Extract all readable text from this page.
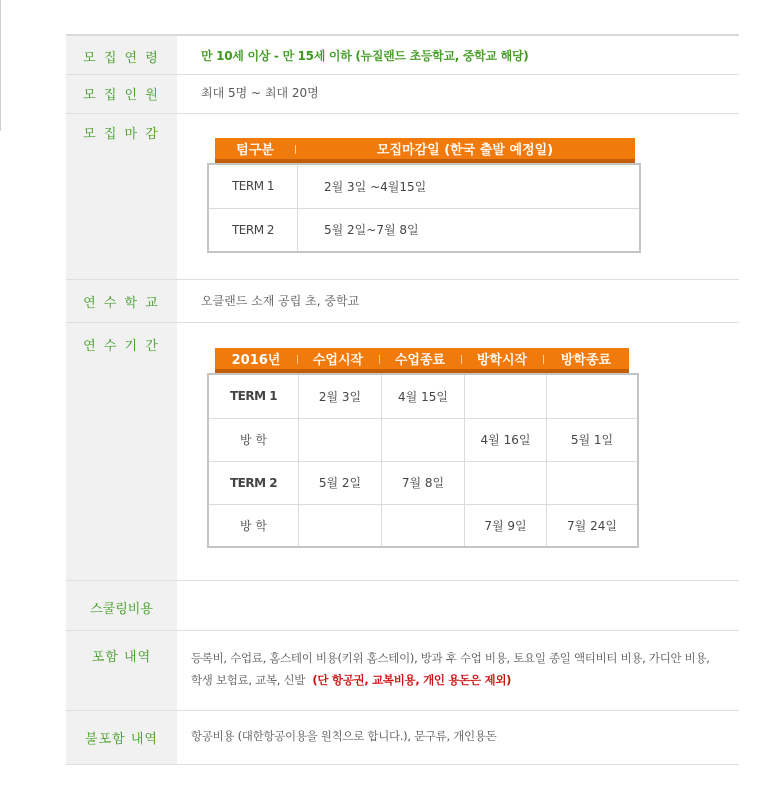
모 집 연 령	만 10세 이상 - 만 15세 이하 (뉴질랜드 초등학교, 중학교 해당)
모 집 인 원	최대 5명 ~ 최대 20명
모 집 마 감
텀구분	모집마감일 (한국 출발 예정일)
TERM 1	2월 3일 ~4월15일
TERM 2	5월 2일~7월 8일
연 수 학 교	오클랜드 소재 공립 초, 중학교
연 수 기 간
2016년	수업시작	수업종료	방학시작	방학종료
TERM 1	2월 3일	4월 15일		
방 학			4월 16일	5월 1일
TERM 2	5월 2일	7월 8일		
방 학			7월 9일	7월 24일
스쿨링비용
포함 내역	등록비, 수업료, 홈스테이 비용(키위 홈스테이), 방과 후 수업 비용, 토요일 종일 액티비티 비용, 가디안 비용,
학생 보험료, 교복, 신발 (단 항공권, 교복비용, 개인 용돈은 제외)
불포함 내역	항공비용 (대한항공이용을 원칙으로 합니다.), 문구류, 개인용돈
